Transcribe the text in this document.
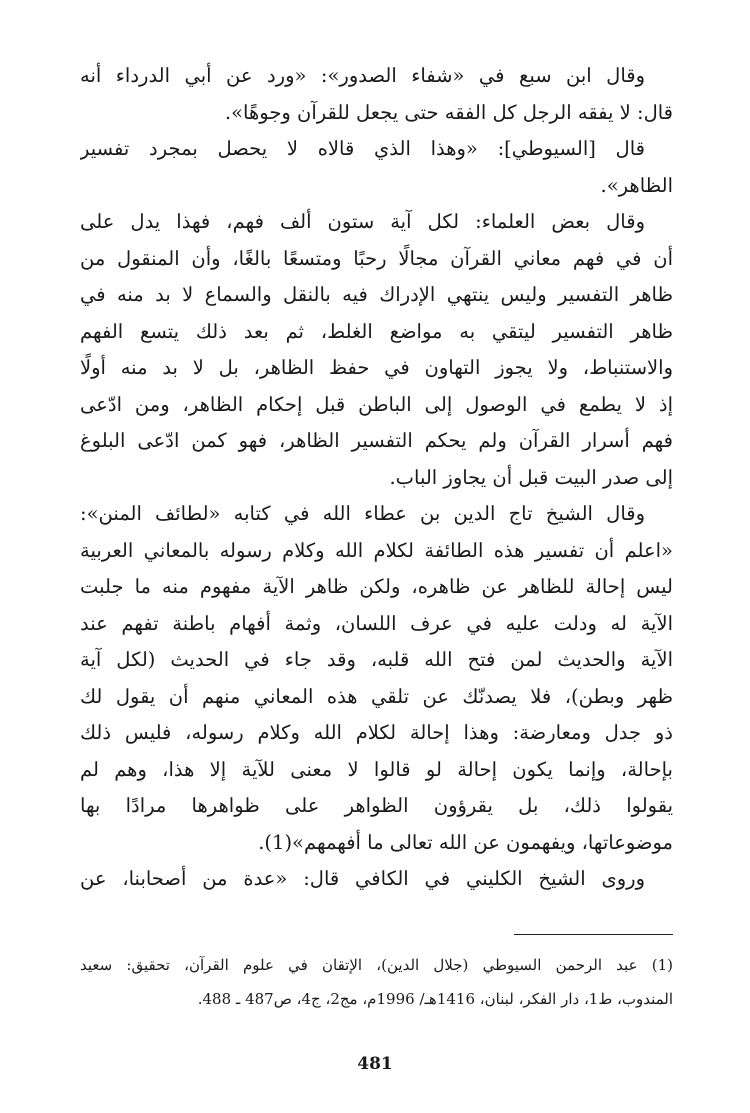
وقال ابن سبع في «شفاء الصدور»: «ورد عن أبي الدرداء أنه
قال: لا يفقه الرجل كل الفقه حتى يجعل للقرآن وجوهًا».
قال [السيوطي]: «وهذا الذي قالاه لا يحصل بمجرد تفسير
الظاهر».
وقال بعض العلماء: لكل آية ستون ألف فهم، فهذا يدل على
أن في فهم معاني القرآن مجالًا رحبًا ومتسعًا بالغًا، وأن المنقول من
ظاهر التفسير وليس ينتهي الإدراك فيه بالنقل والسماع لا بد منه في
ظاهر التفسير ليتقي به مواضع الغلط، ثم بعد ذلك يتسع الفهم
والاستنباط، ولا يجوز التهاون في حفظ الظاهر، بل لا بد منه أولًا
إذ لا يطمع في الوصول إلى الباطن قبل إحكام الظاهر، ومن ادّعى
فهم أسرار القرآن ولم يحكم التفسير الظاهر، فهو كمن ادّعى البلوغ
إلى صدر البيت قبل أن يجاوز الباب.
وقال الشيخ تاج الدين بن عطاء الله في كتابه «لطائف المنن»:
«اعلم أن تفسير هذه الطائفة لكلام الله وكلام رسوله بالمعاني العربية
ليس إحالة للظاهر عن ظاهره، ولكن ظاهر الآية مفهوم منه ما جلبت
الآية له ودلت عليه في عرف اللسان، وثمة أفهام باطنة تفهم عند
الآية والحديث لمن فتح الله قلبه، وقد جاء في الحديث (لكل آية
ظهر وبطن)، فلا يصدنّك عن تلقي هذه المعاني منهم أن يقول لك
ذو جدل ومعارضة: وهذا إحالة لكلام الله وكلام رسوله، فليس ذلك
بإحالة، وإنما يكون إحالة لو قالوا لا معنى للآية إلا هذا، وهم لم
يقولوا ذلك، بل يقرؤون الظواهر على ظواهرها مرادًا بها
موضوعاتها، ويفهمون عن الله تعالى ما أفهمهم»(1).
وروى الشيخ الكليني في الكافي قال: «عدة من أصحابنا، عن
(1) عبد الرحمن السيوطي (جلال الدين)، الإتقان في علوم القرآن، تحقيق: سعيد
المندوب، ط1، دار الفكر، لبنان، 1416هـ/ 1996م، مج2، ج4، ص487 ـ 488.
481
